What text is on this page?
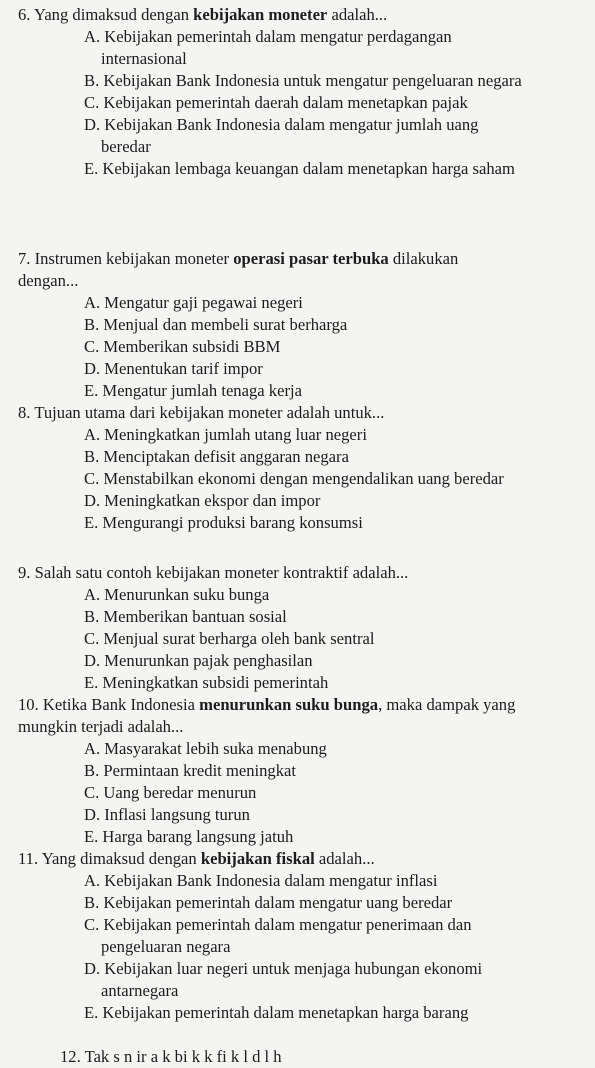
6. Yang dimaksud dengan kebijakan moneter adalah...
A. Kebijakan pemerintah dalam mengatur perdagangan internasional
B. Kebijakan Bank Indonesia untuk mengatur pengeluaran negara
C. Kebijakan pemerintah daerah dalam menetapkan pajak
D. Kebijakan Bank Indonesia dalam mengatur jumlah uang beredar
E. Kebijakan lembaga keuangan dalam menetapkan harga saham
7. Instrumen kebijakan moneter operasi pasar terbuka dilakukan dengan...
A. Mengatur gaji pegawai negeri
B. Menjual dan membeli surat berharga
C. Memberikan subsidi BBM
D. Menentukan tarif impor
E. Mengatur jumlah tenaga kerja
8. Tujuan utama dari kebijakan moneter adalah untuk...
A. Meningkatkan jumlah utang luar negeri
B. Menciptakan defisit anggaran negara
C. Menstabilkan ekonomi dengan mengendalikan uang beredar
D. Meningkatkan ekspor dan impor
E. Mengurangi produksi barang konsumsi
9. Salah satu contoh kebijakan moneter kontraktif adalah...
A. Menurunkan suku bunga
B. Memberikan bantuan sosial
C. Menjual surat berharga oleh bank sentral
D. Menurunkan pajak penghasilan
E. Meningkatkan subsidi pemerintah
10. Ketika Bank Indonesia menurunkan suku bunga, maka dampak yang mungkin terjadi adalah...
A. Masyarakat lebih suka menabung
B. Permintaan kredit meningkat
C. Uang beredar menurun
D. Inflasi langsung turun
E. Harga barang langsung jatuh
11. Yang dimaksud dengan kebijakan fiskal adalah...
A. Kebijakan Bank Indonesia dalam mengatur inflasi
B. Kebijakan pemerintah dalam mengatur uang beredar
C. Kebijakan pemerintah dalam mengatur penerimaan dan pengeluaran negara
D. Kebijakan luar negeri untuk menjaga hubungan ekonomi antarnegara
E. Kebijakan pemerintah dalam menetapkan harga barang
12. Tak s n ir a k bi k k fi k l d l h
